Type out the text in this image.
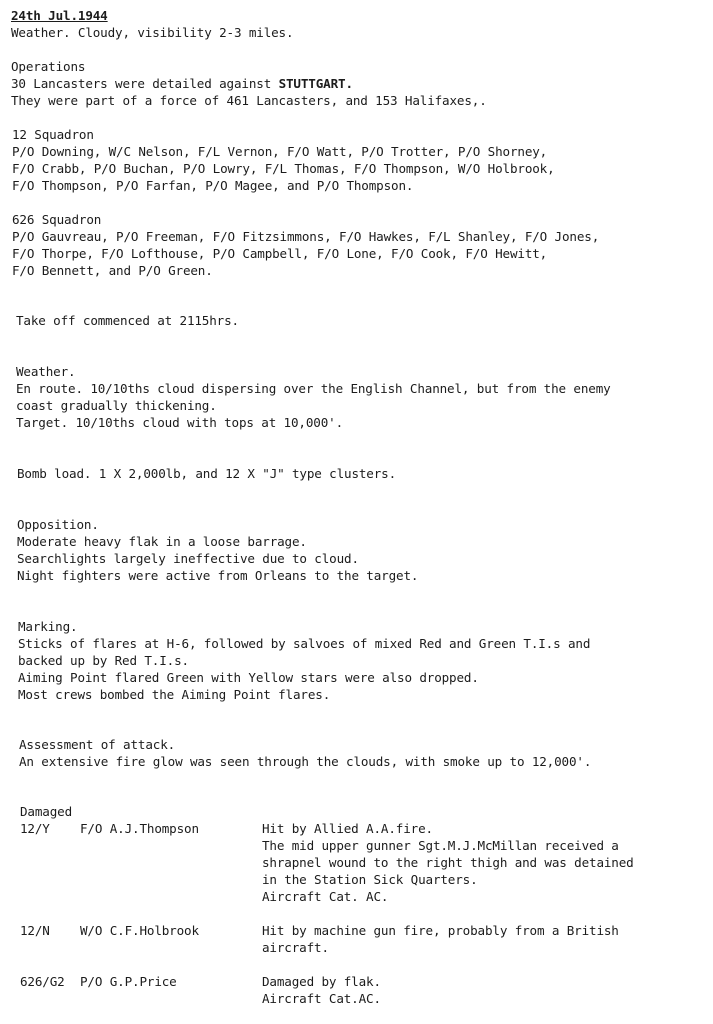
24th Jul.1944
Weather. Cloudy, visibility 2-3 miles.
Operations
30 Lancasters were detailed against STUTTGART.
They were part of a force of 461 Lancasters, and 153 Halifaxes,.
12 Squadron
P/O Downing, W/C Nelson, F/L Vernon, F/O Watt, P/O Trotter, P/O Shorney,
F/O Crabb, P/O Buchan, P/O Lowry, F/L Thomas, F/O Thompson, W/O Holbrook,
F/O Thompson, P/O Farfan, P/O Magee, and P/O Thompson.
626 Squadron
P/O Gauvreau, P/O Freeman, F/O Fitzsimmons, F/O Hawkes, F/L Shanley, F/O Jones,
F/O Thorpe, F/O Lofthouse, P/O Campbell, F/O Lone, F/O Cook, F/O Hewitt,
F/O Bennett, and P/O Green.
Take off commenced at 2115hrs.
Weather.
En route. 10/10ths cloud dispersing over the English Channel, but from the enemy
coast gradually thickening.
Target. 10/10ths cloud with tops at 10,000'.
Bomb load. 1 X 2,000lb, and 12 X "J" type clusters.
Opposition.
Moderate heavy flak in a loose barrage.
Searchlights largely ineffective due to cloud.
Night fighters were active from Orleans to the target.
Marking.
Sticks of flares at H-6, followed by salvoes of mixed Red and Green T.I.s and
backed up by Red T.I.s.
Aiming Point flared Green with Yellow stars were also dropped.
Most crews bombed the Aiming Point flares.
Assessment of attack.
An extensive fire glow was seen through the clouds, with smoke up to 12,000'.
Damaged
12/Y F/O A.J.Thompson	Hit by Allied A.A.fire.
The mid upper gunner Sgt.M.J.McMillan received a
shrapnel wound to the right thigh and was detained
in the Station Sick Quarters.
Aircraft Cat. AC.
12/N W/O C.F.Holbrook	Hit by machine gun fire, probably from a British
aircraft.
626/G2 P/O G.P.Price	Damaged by flak.
Aircraft Cat.AC.
